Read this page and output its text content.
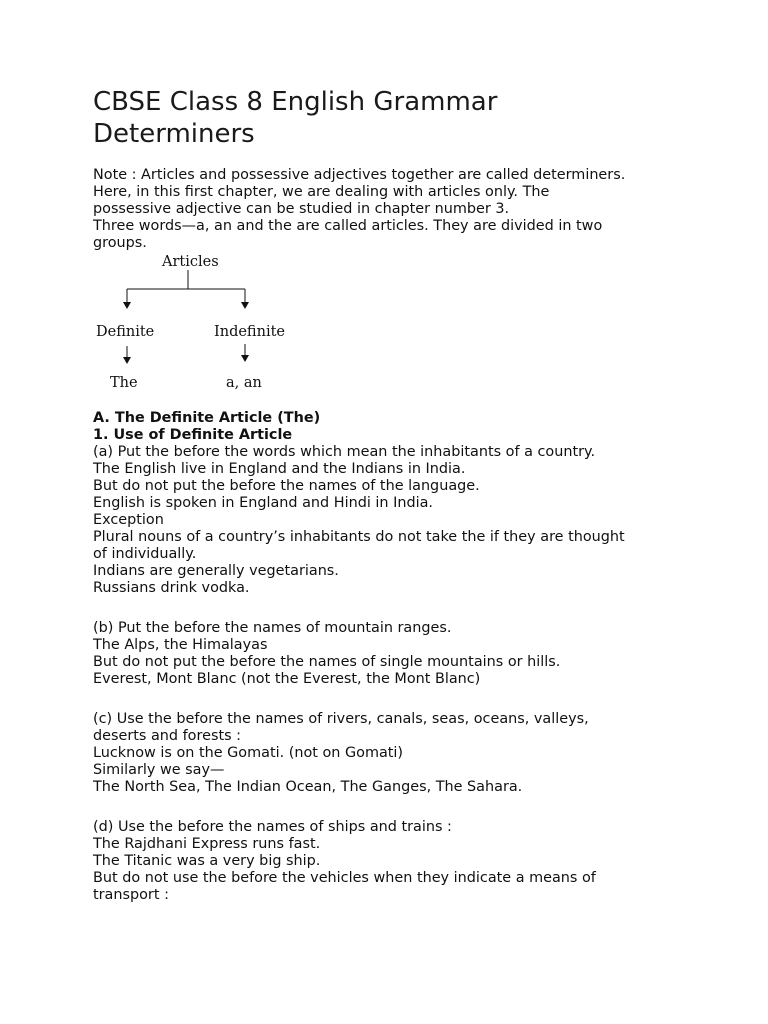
CBSE Class 8 English Grammar
Determiners
Note : Articles and possessive adjectives together are called determiners.
Here, in this first chapter, we are dealing with articles only. The
possessive adjective can be studied in chapter number 3.
Three words—a, an and the are called articles. They are divided in two
groups.
Articles
Definite	Indefinite
The	a, an
A. The Definite Article (The)
1. Use of Definite Article
(a) Put the before the words which mean the inhabitants of a country.
The English live in England and the Indians in India.
But do not put the before the names of the language.
English is spoken in England and Hindi in India.
Exception
Plural nouns of a country’s inhabitants do not take the if they are thought
of individually.
Indians are generally vegetarians.
Russians drink vodka.
(b) Put the before the names of mountain ranges.
The Alps, the Himalayas
But do not put the before the names of single mountains or hills.
Everest, Mont Blanc (not the Everest, the Mont Blanc)
(c) Use the before the names of rivers, canals, seas, oceans, valleys,
deserts and forests :
Lucknow is on the Gomati. (not on Gomati)
Similarly we say—
The North Sea, The Indian Ocean, The Ganges, The Sahara.
(d) Use the before the names of ships and trains :
The Rajdhani Express runs fast.
The Titanic was a very big ship.
But do not use the before the vehicles when they indicate a means of
transport :
